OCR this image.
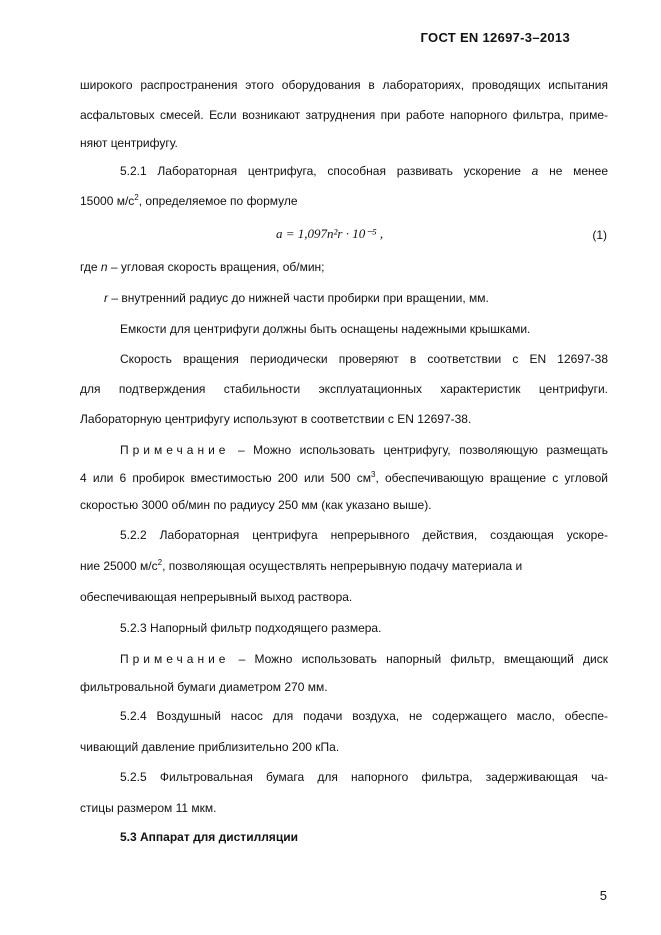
ГОСТ EN 12697-3–2013
широкого распространения этого оборудования в лабораториях, проводящих испытания
асфальтовых смесей. Если возникают затруднения при работе напорного фильтра, приме-
няют центрифугу.
5.2.1 Лабораторная центрифуга, способная развивать ускорение a не менее
15000 $м/с^2$, определяемое по формуле
a = 1,097n²r · 10⁻⁵ ,	(1)
где n – угловая скорость вращения, об/мин;
r – внутренний радиус до нижней части пробирки при вращении, мм.
Емкости для центрифуги должны быть оснащены надежными крышками.
Скорость вращения периодически проверяют в соответствии с EN 12697-38
для подтверждения стабильности эксплуатационных характеристик центрифуги.
Лабораторную центрифугу используют в соответствии с EN 12697-38.
Примечание – Можно использовать центрифугу, позволяющую размещать
4 или 6 пробирок вместимостью 200 или 500 $см^3$, обеспечивающую вращение с угловой
скоростью 3000 об/мин по радиусу 250 мм (как указано выше).
5.2.2 Лабораторная центрифуга непрерывного действия, создающая ускоре-
ние 25000 $м/с^2$, позволяющая осуществлять непрерывную подачу материала и
обеспечивающая непрерывный выход раствора.
5.2.3 Напорный фильтр подходящего размера.
Примечание – Можно использовать напорный фильтр, вмещающий диск
фильтровальной бумаги диаметром 270 мм.
5.2.4 Воздушный насос для подачи воздуха, не содержащего масло, обеспе-
чивающий давление приблизительно 200 кПа.
5.2.5 Фильтровальная бумага для напорного фильтра, задерживающая ча-
стицы размером 11 мкм.
5.3 Аппарат для дистилляции
5
